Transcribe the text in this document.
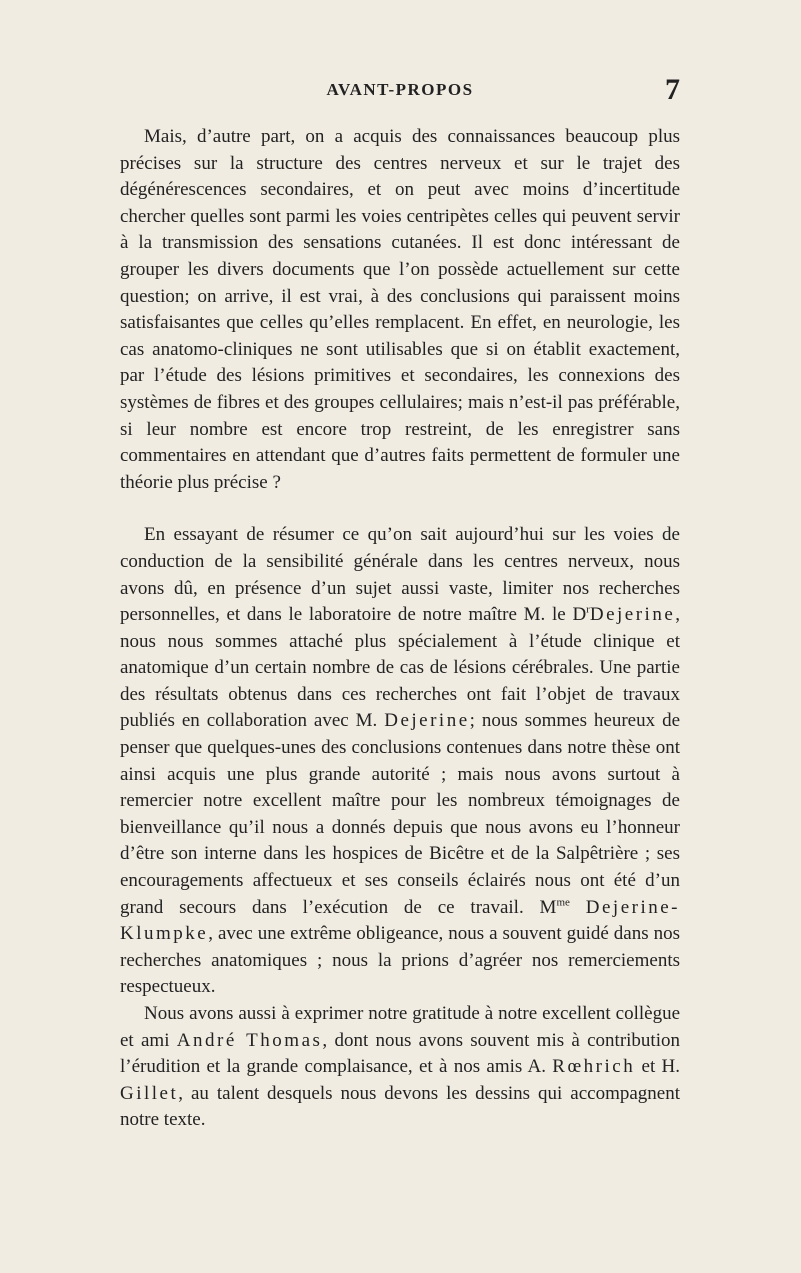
AVANT-PROPOS	7

Mais, d’autre part, on a acquis des connaissances beaucoup plus précises sur la structure des centres nerveux et sur le trajet des dégénérescences secondaires, et on peut avec moins d’incertitude chercher quelles sont parmi les voies centripètes celles qui peuvent servir à la transmission des sensations cutanées. Il est donc intéressant de grouper les divers documents que l’on possède actuellement sur cette question; on arrive, il est vrai, à des conclusions qui paraissent moins satisfaisantes que celles qu’elles remplacent. En effet, en neurologie, les cas anatomo-cliniques ne sont utilisables que si on établit exactement, par l’étude des lésions primitives et secondaires, les connexions des systèmes de fibres et des groupes cellulaires; mais n’est-il pas préférable, si leur nombre est encore trop restreint, de les enregistrer sans commentaires en attendant que d’autres faits permettent de formuler une théorie plus précise ?

En essayant de résumer ce qu’on sait aujourd’hui sur les voies de conduction de la sensibilité générale dans les centres nerveux, nous avons dû, en présence d’un sujet aussi vaste, limiter nos recherches personnelles, et dans le laboratoire de notre maître M. le $D^rDejerine$, nous nous sommes attaché plus spécialement à l’étude clinique et anatomique d’un certain nombre de cas de lésions cérébrales. Une partie des résultats obtenus dans ces recherches ont fait l’objet de travaux publiés en collaboration avec M. Dejerine; nous sommes heureux de penser que quelques-unes des conclusions contenues dans notre thèse ont ainsi acquis une plus grande autorité ; mais nous avons surtout à remercier notre excellent maître pour les nombreux témoignages de bienveillance qu’il nous a donnés depuis que nous avons eu l’honneur d’être son interne dans les hospices de Bicêtre et de la Salpêtrière ; ses encouragements affectueux et ses conseils éclairés nous ont été d’un grand secours dans l’exécution de ce travail. $M^{me}$ Dejerine-Klumpke, avec une extrême obligeance, nous a souvent guidé dans nos recherches anatomiques ; nous la prions d’agréer nos remerciements respectueux.

Nous avons aussi à exprimer notre gratitude à notre excellent collègue et ami André Thomas, dont nous avons souvent mis à contribution l’érudition et la grande complaisance, et à nos amis A. Rœhrich et H. Gillet, au talent desquels nous devons les dessins qui accompagnent notre texte.
